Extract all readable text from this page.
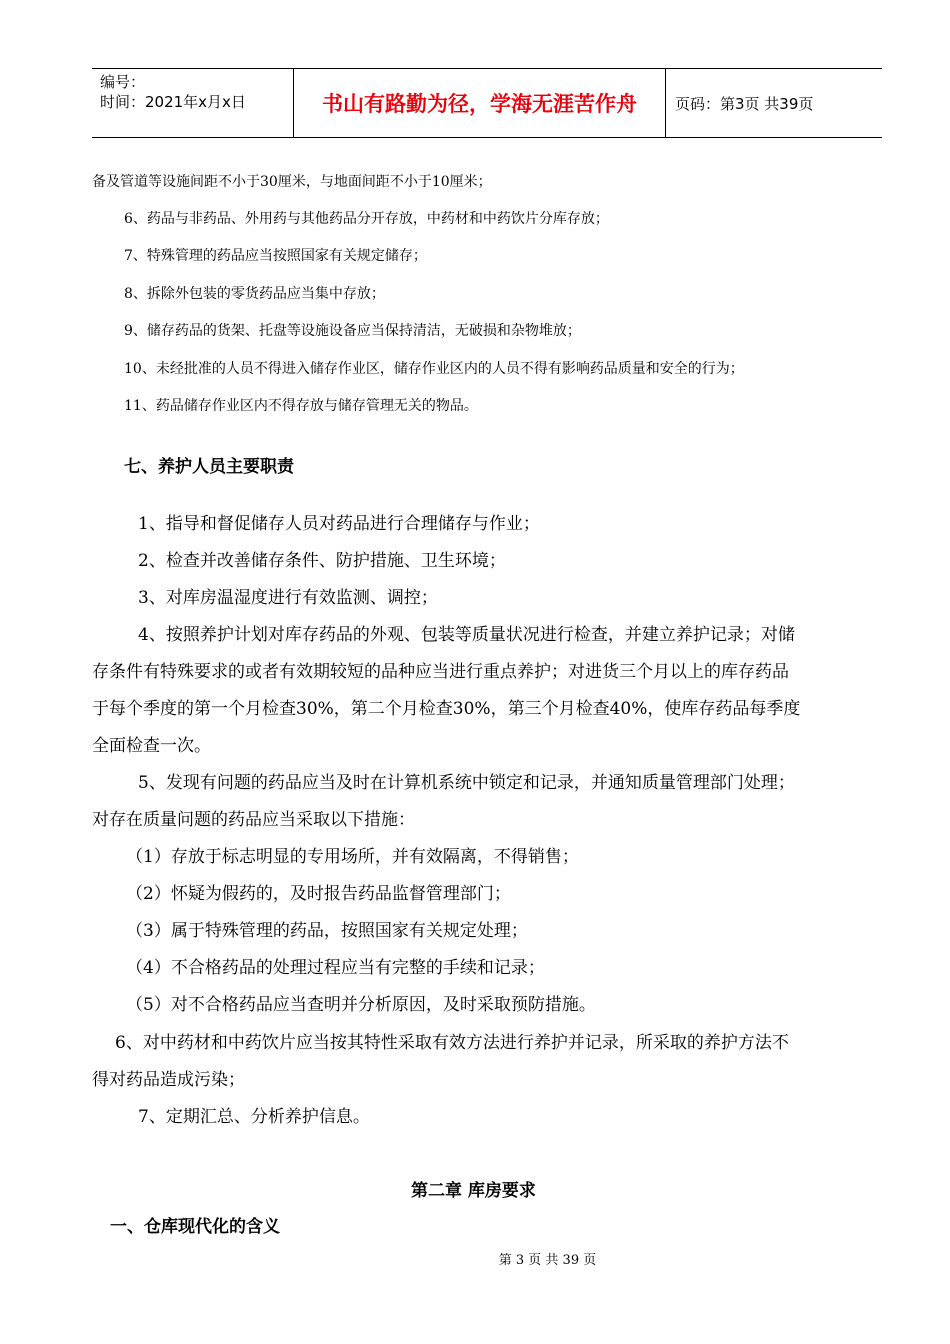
编号：
时间：2021年x月x日	书山有路勤为径，学海无涯苦作舟	页码：第3页 共39页
备及管道等设施间距不小于30厘米，与地面间距不小于10厘米；
6、药品与非药品、外用药与其他药品分开存放，中药材和中药饮片分库存放；
7、特殊管理的药品应当按照国家有关规定储存；
8、拆除外包装的零货药品应当集中存放；
9、储存药品的货架、托盘等设施设备应当保持清洁，无破损和杂物堆放；
10、未经批准的人员不得进入储存作业区，储存作业区内的人员不得有影响药品质量和安全的行为；
11、药品储存作业区内不得存放与储存管理无关的物品。
七、养护人员主要职责
1、指导和督促储存人员对药品进行合理储存与作业；
2、检查并改善储存条件、防护措施、卫生环境；
3、对库房温湿度进行有效监测、调控；
4、按照养护计划对库存药品的外观、包装等质量状况进行检查，并建立养护记录；对储
存条件有特殊要求的或者有效期较短的品种应当进行重点养护；对进货三个月以上的库存药品
于每个季度的第一个月检查30%，第二个月检查30%，第三个月检查40%，使库存药品每季度
全面检查一次。
5、发现有问题的药品应当及时在计算机系统中锁定和记录，并通知质量管理部门处理；
对存在质量问题的药品应当采取以下措施：
（1）存放于标志明显的专用场所，并有效隔离，不得销售；
（2）怀疑为假药的，及时报告药品监督管理部门；
（3）属于特殊管理的药品，按照国家有关规定处理；
（4）不合格药品的处理过程应当有完整的手续和记录；
（5）对不合格药品应当查明并分析原因，及时采取预防措施。
6、对中药材和中药饮片应当按其特性采取有效方法进行养护并记录，所采取的养护方法不
得对药品造成污染；
7、定期汇总、分析养护信息。
第二章 库房要求
一、仓库现代化的含义
第 3 页 共 39 页
